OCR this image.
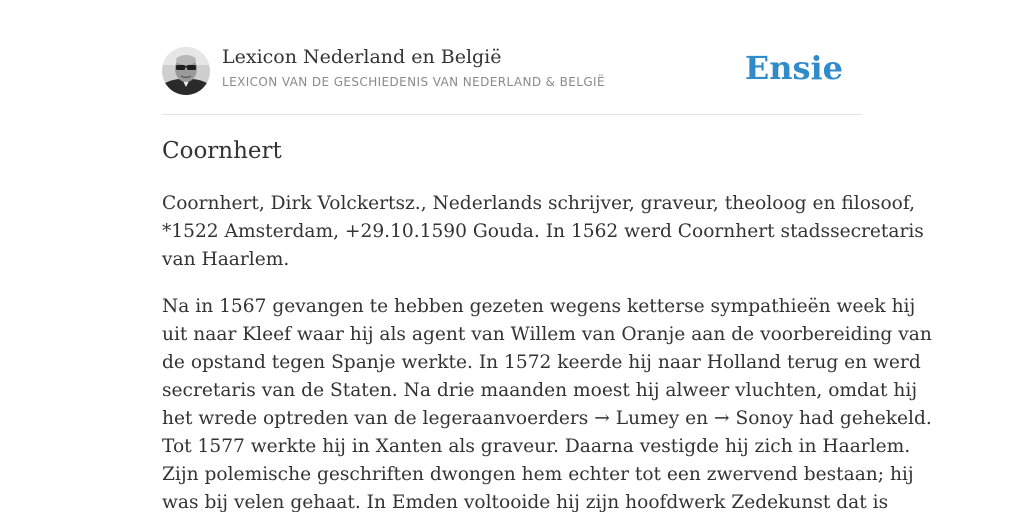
Lexicon Nederland en België
LEXICON VAN DE GESCHIEDENIS VAN NEDERLAND & BELGIË	Ensie
Coornhert

Coornhert, Dirk Volckertsz., Nederlands schrijver, graveur, theoloog en filosoof,
*1522 Amsterdam, +29.10.1590 Gouda. In 1562 werd Coornhert stadssecretaris
van Haarlem.

Na in 1567 gevangen te hebben gezeten wegens ketterse sympathieën week hij
uit naar Kleef waar hij als agent van Willem van Oranje aan de voorbereiding van
de opstand tegen Spanje werkte. In 1572 keerde hij naar Holland terug en werd
secretaris van de Staten. Na drie maanden moest hij alweer vluchten, omdat hij
het wrede optreden van de legeraanvoerders → Lumey en → Sonoy had gehekeld.
Tot 1577 werkte hij in Xanten als graveur. Daarna vestigde hij zich in Haarlem.
Zijn polemische geschriften dwongen hem echter tot een zwervend bestaan; hij
was bij velen gehaat. In Emden voltooide hij zijn hoofdwerk Zedekunst dat is
